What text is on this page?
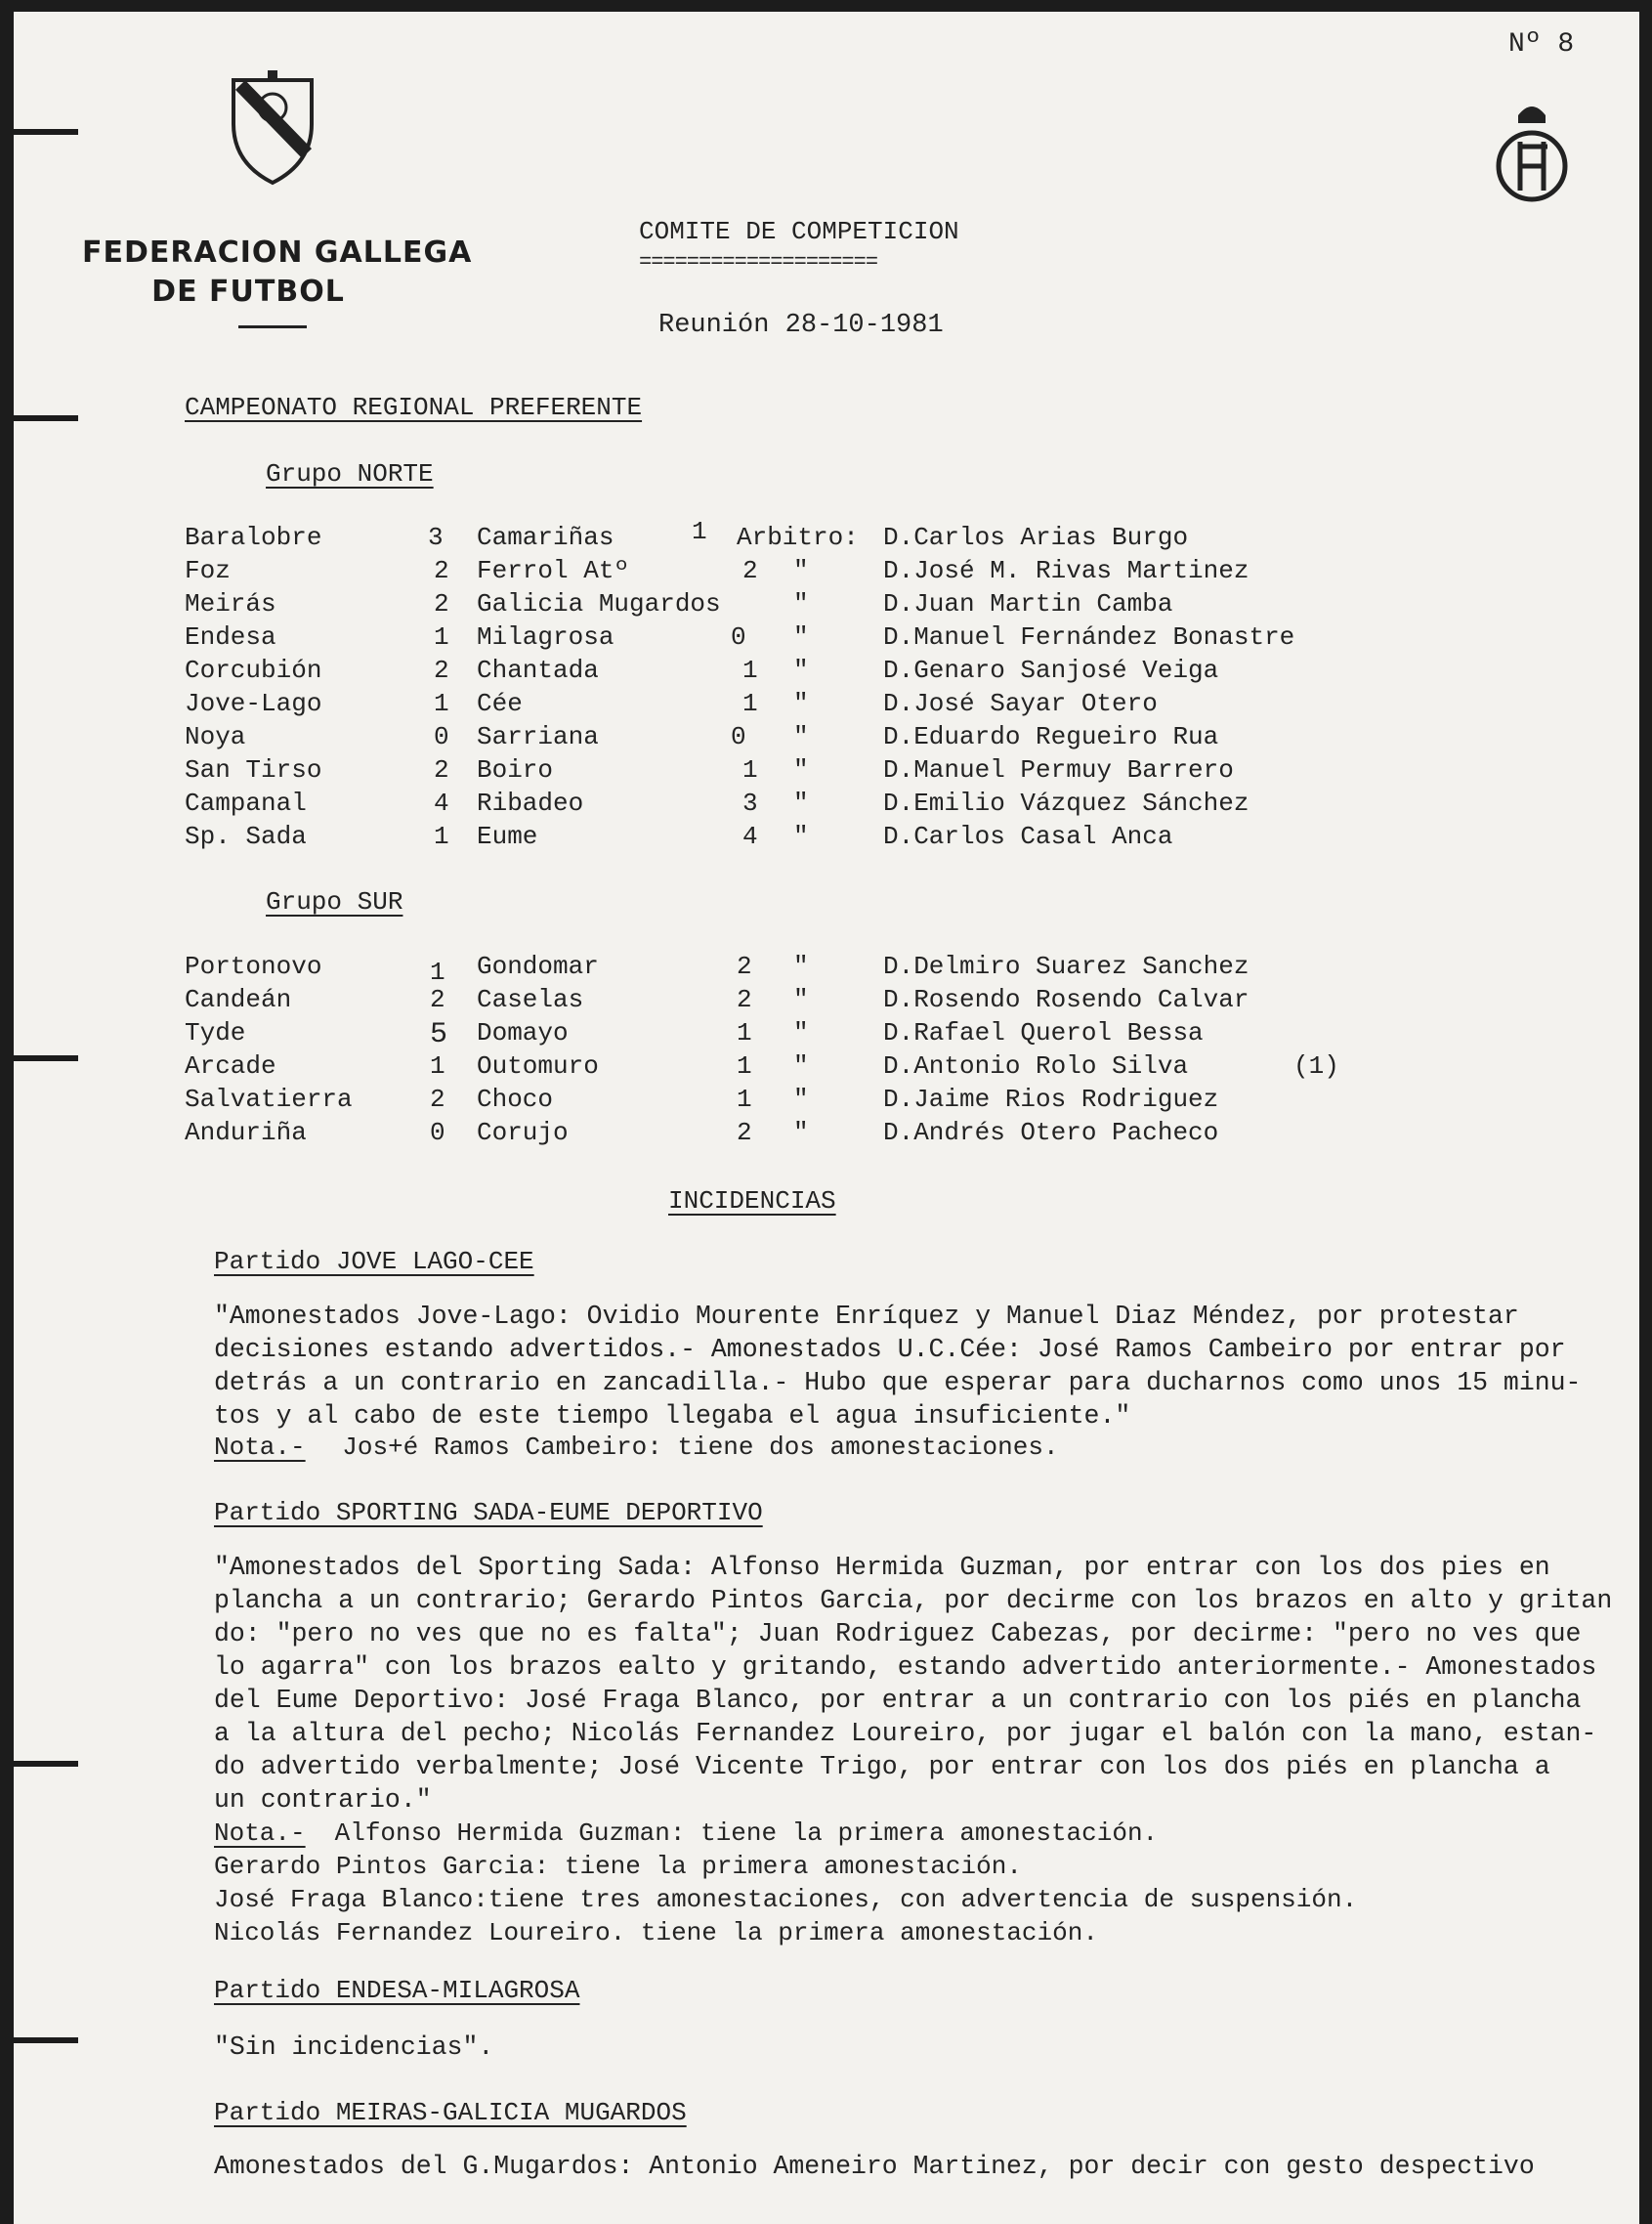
Nº 8
FEDERACION GALLEGA
DE FUTBOL
COMITE DE COMPETICION
====================
Reunión 28-10-1981
CAMPEONATO REGIONAL PREFERENTE
Grupo NORTE
Baralobre	3 Camariñas	1 Arbitro: D.Carlos Arias Burgo
Foz	2 Ferrol Atº	2 "	D.José M. Rivas Martinez
Meirás	2 Galicia Mugardos	"	D.Juan Martin Camba
Endesa	1 Milagrosa	0 "	D.Manuel Fernández Bonastre
Corcubión	2 Chantada	1 "	D.Genaro Sanjosé Veiga
Jove-Lago	1 Cée	1 "	D.José Sayar Otero
Noya	0 Sarriana	0 "	D.Eduardo Regueiro Rua
San Tirso	2 Boiro	1 "	D.Manuel Permuy Barrero
Campanal	4 Ribadeo	3 "	D.Emilio Vázquez Sánchez
Sp. Sada	1 Eume	4 "	D.Carlos Casal Anca
Grupo SUR
Portonovo	1 Gondomar	2 "	D.Delmiro Suarez Sanchez
Candeán	2 Caselas	2 "	D.Rosendo Rosendo Calvar
Tyde	5 Domayo	1 "	D.Rafael Querol Bessa
Arcade	1 Outomuro	1 "	D.Antonio Rolo Silva	(1)
Salvatierra	2 Choco	1 "	D.Jaime Rios Rodriguez
Anduriña	0 Corujo	2 "	D.Andrés Otero Pacheco
INCIDENCIAS
Partido JOVE LAGO-CEE
"Amonestados Jove-Lago: Ovidio Mourente Enríquez y Manuel Diaz Méndez, por protestar
decisiones estando advertidos.- Amonestados U.C.Cée: José Ramos Cambeiro por entrar por
detrás a un contrario en zancadilla.- Hubo que esperar para ducharnos como unos 15 minu-
tos y al cabo de este tiempo llegaba el agua insuficiente."
Nota.- Jos+é Ramos Cambeiro: tiene dos amonestaciones.
Partido SPORTING SADA-EUME DEPORTIVO
"Amonestados del Sporting Sada: Alfonso Hermida Guzman, por entrar con los dos pies en
plancha a un contrario; Gerardo Pintos Garcia, por decirme con los brazos en alto y gritan
do: "pero no ves que no es falta"; Juan Rodriguez Cabezas, por decirme: "pero no ves que
lo agarra" con los brazos ealto y gritando, estando advertido anteriormente.- Amonestados
del Eume Deportivo: José Fraga Blanco, por entrar a un contrario con los piés en plancha
a la altura del pecho; Nicolás Fernandez Loureiro, por jugar el balón con la mano, estan-
do advertido verbalmente; José Vicente Trigo, por entrar con los dos piés en plancha a
un contrario."
Nota.- Alfonso Hermida Guzman: tiene la primera amonestación.
Gerardo Pintos Garcia: tiene la primera amonestación.
José Fraga Blanco:tiene tres amonestaciones, con advertencia de suspensión.
Nicolás Fernandez Loureiro. tiene la primera amonestación.
Partido ENDESA-MILAGROSA
"Sin incidencias".
Partido MEIRAS-GALICIA MUGARDOS
Amonestados del G.Mugardos: Antonio Ameneiro Martinez, por decir con gesto despectivo
